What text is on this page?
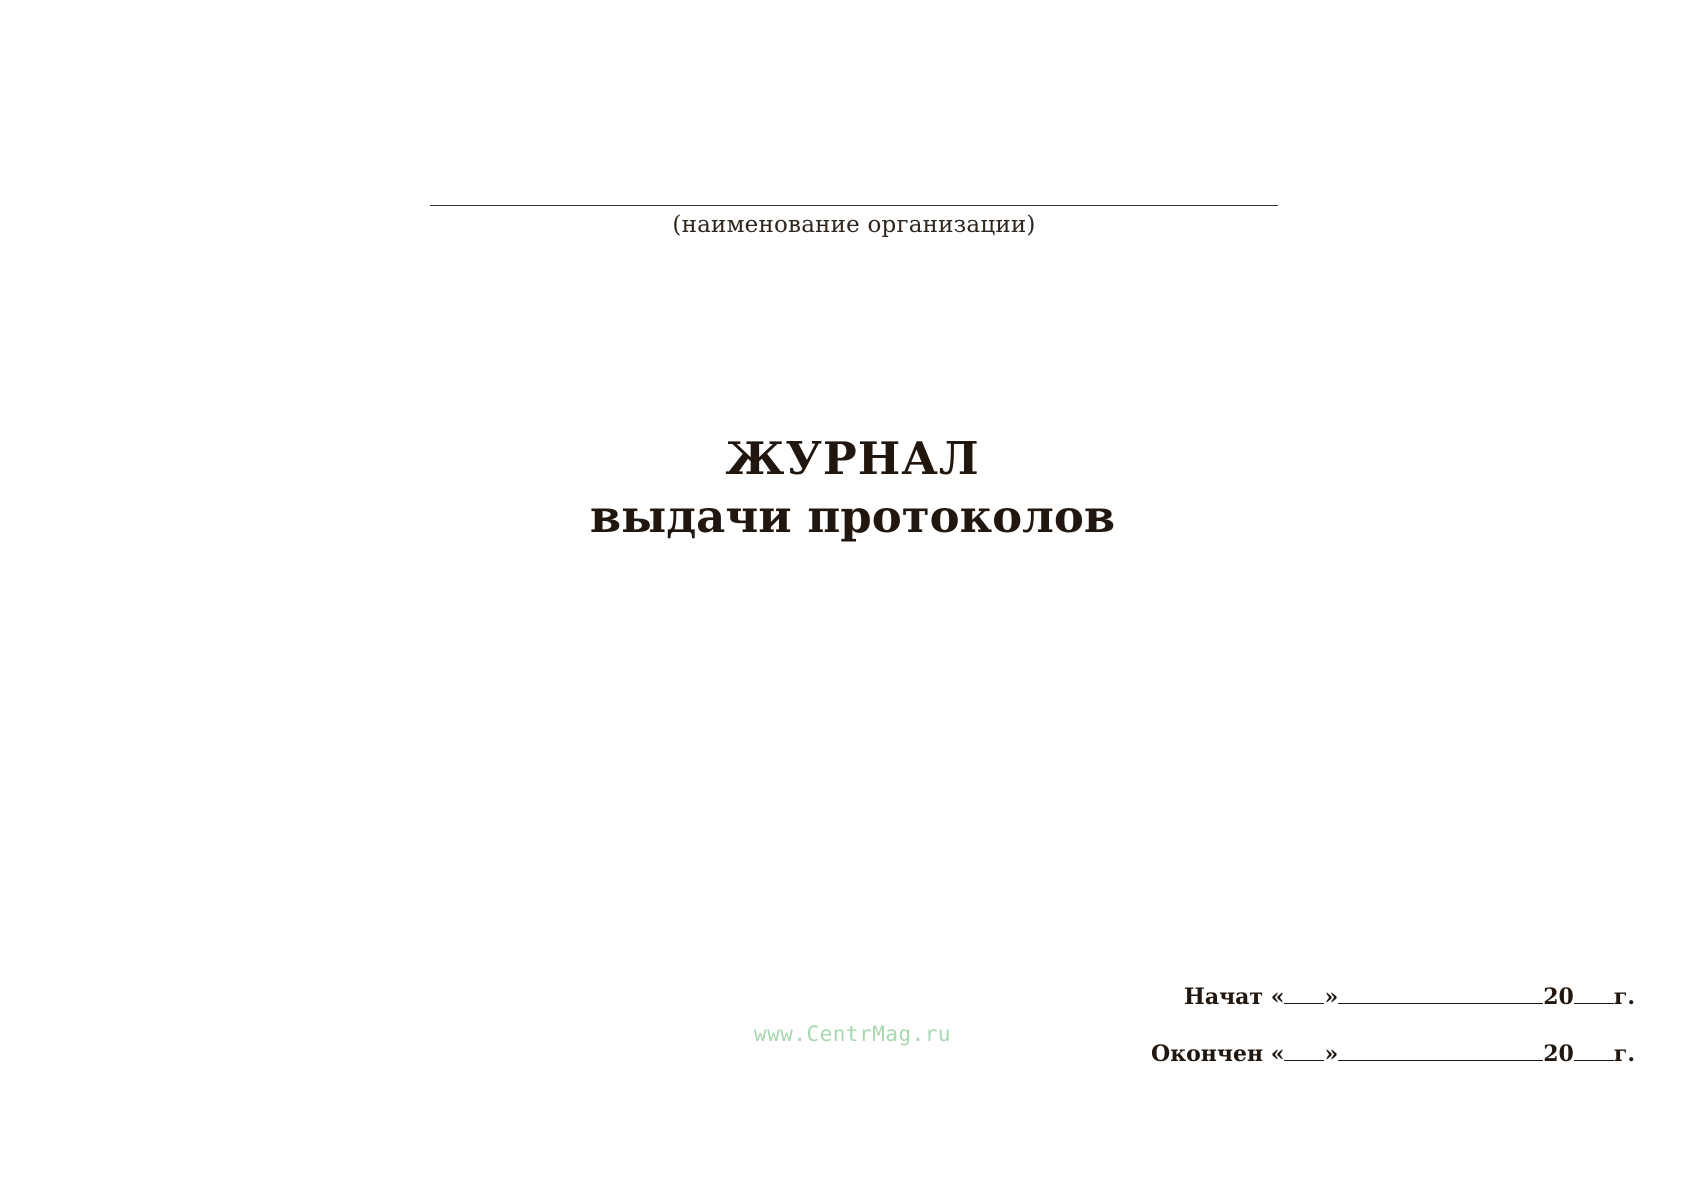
(наименование организации)
ЖУРНАЛ
выдачи протоколов
www.CentrMag.ru
Начат « »	20 г.
Окончен « »	20 г.
